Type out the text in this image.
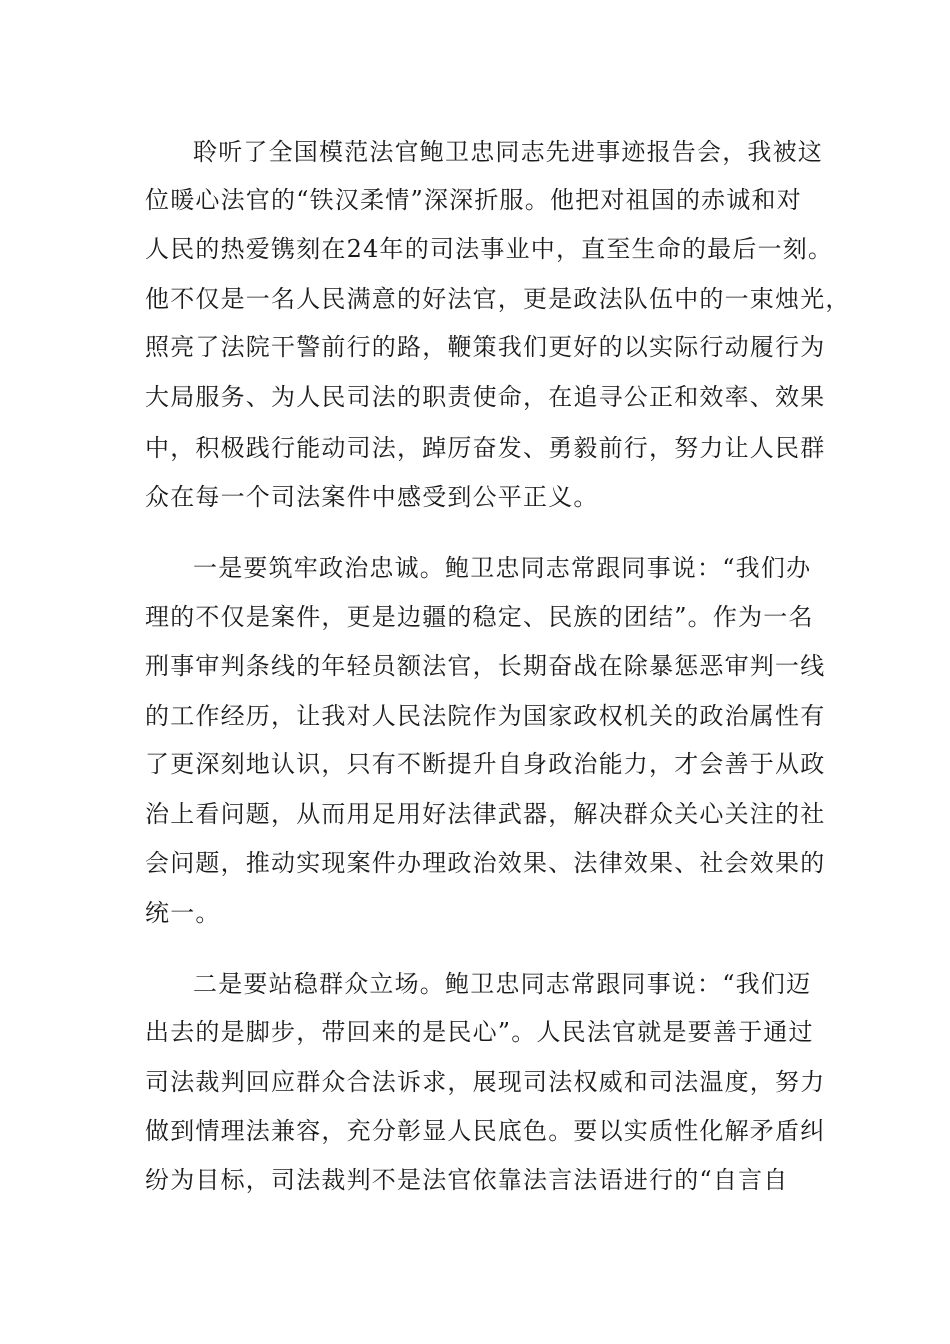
聆听了全国模范法官鲍卫忠同志先进事迹报告会，我被这
位暖心法官的“铁汉柔情”深深折服。他把对祖国的赤诚和对
人民的热爱镌刻在24年的司法事业中，直至生命的最后一刻。
他不仅是一名人民满意的好法官，更是政法队伍中的一束烛光，
照亮了法院干警前行的路，鞭策我们更好的以实际行动履行为
大局服务、为人民司法的职责使命，在追寻公正和效率、效果
中，积极践行能动司法，踔厉奋发、勇毅前行，努力让人民群
众在每一个司法案件中感受到公平正义。
一是要筑牢政治忠诚。鲍卫忠同志常跟同事说：“我们办
理的不仅是案件，更是边疆的稳定、民族的团结”。作为一名
刑事审判条线的年轻员额法官，长期奋战在除暴惩恶审判一线
的工作经历，让我对人民法院作为国家政权机关的政治属性有
了更深刻地认识，只有不断提升自身政治能力，才会善于从政
治上看问题，从而用足用好法律武器，解决群众关心关注的社
会问题，推动实现案件办理政治效果、法律效果、社会效果的
统一。
二是要站稳群众立场。鲍卫忠同志常跟同事说：“我们迈
出去的是脚步，带回来的是民心”。人民法官就是要善于通过
司法裁判回应群众合法诉求，展现司法权威和司法温度，努力
做到情理法兼容，充分彰显人民底色。要以实质性化解矛盾纠
纷为目标，司法裁判不是法官依靠法言法语进行的“自言自
